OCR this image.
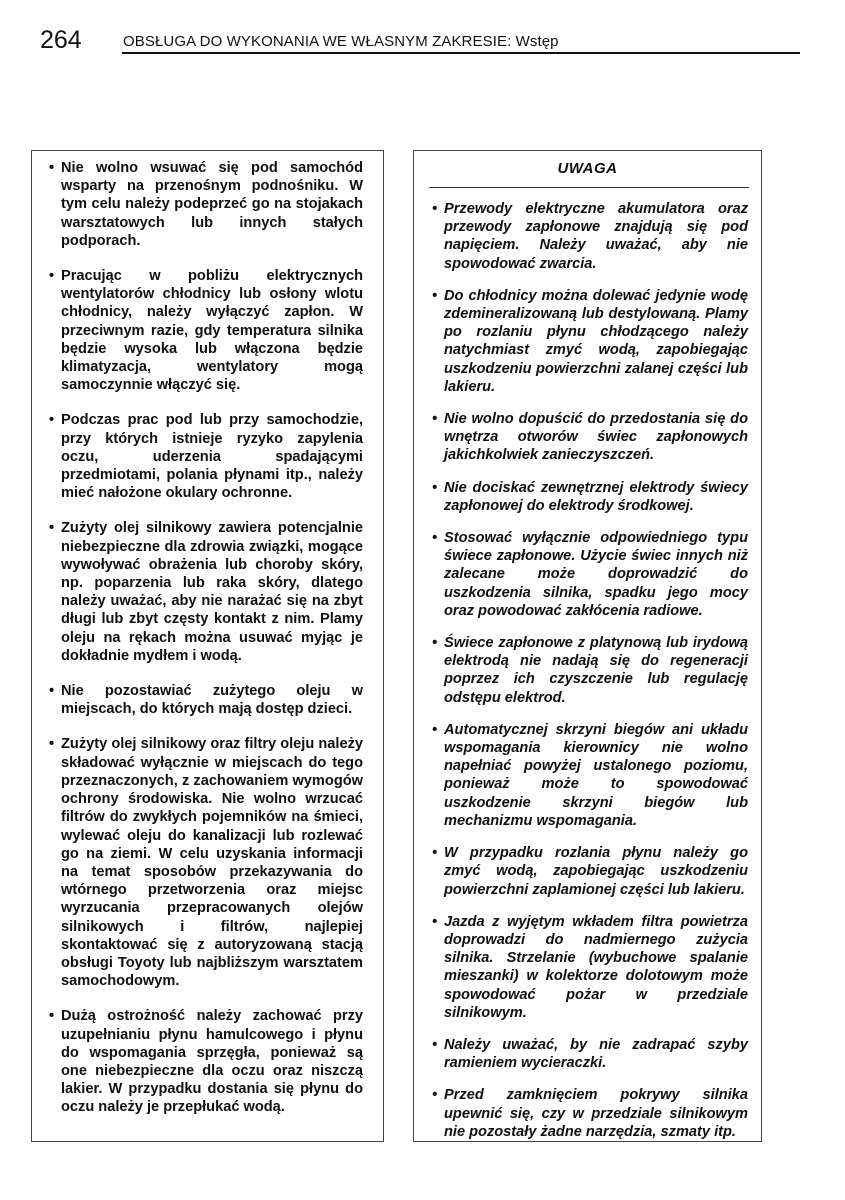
264	OBSŁUGA DO WYKONANIA WE WŁASNYM ZAKRESIE: Wstęp
• Nie wolno wsuwać się pod samochód wsparty na przenośnym podnośniku. W tym celu należy podeprzeć go na stojakach warsztatowych lub innych stałych podporach.
• Pracując w pobliżu elektrycznych wentylatorów chłodnicy lub osłony wlotu chłodnicy, należy wyłączyć zapłon. W przeciwnym razie, gdy temperatura silnika będzie wysoka lub włączona będzie klimatyzacja, wentylatory mogą samoczynnie włączyć się.
• Podczas prac pod lub przy samochodzie, przy których istnieje ryzyko zapylenia oczu, uderzenia spadającymi przedmiotami, polania płynami itp., należy mieć nałożone okulary ochronne.
• Zużyty olej silnikowy zawiera potencjalnie niebezpieczne dla zdrowia związki, mogące wywoływać obrażenia lub choroby skóry, np. poparzenia lub raka skóry, dlatego należy uważać, aby nie narażać się na zbyt długi lub zbyt częsty kontakt z nim. Plamy oleju na rękach można usuwać myjąc je dokładnie mydłem i wodą.
• Nie pozostawiać zużytego oleju w miejscach, do których mają dostęp dzieci.
• Zużyty olej silnikowy oraz filtry oleju należy składować wyłącznie w miejscach do tego przeznaczonych, z zachowaniem wymogów ochrony środowiska. Nie wolno wrzucać filtrów do zwykłych pojemników na śmieci, wylewać oleju do kanalizacji lub rozlewać go na ziemi. W celu uzyskania informacji na temat sposobów przekazywania do wtórnego przetworzenia oraz miejsc wyrzucania przepracowanych olejów silnikowych i filtrów, najlepiej skontaktować się z autoryzowaną stacją obsługi Toyoty lub najbliższym warsztatem samochodowym.
• Dużą ostrożność należy zachować przy uzupełnianiu płynu hamulcowego i płynu do wspomagania sprzęgła, ponieważ są one niebezpieczne dla oczu oraz niszczą lakier. W przypadku dostania się płynu do oczu należy je przepłukać wodą.
UWAGA
• Przewody elektryczne akumulatora oraz przewody zapłonowe znajdują się pod napięciem. Należy uważać, aby nie spowodować zwarcia.
• Do chłodnicy można dolewać jedynie wodę zdemineralizowaną lub destylowaną. Plamy po rozlaniu płynu chłodzącego należy natychmiast zmyć wodą, zapobiegając uszkodzeniu powierzchni zalanej części lub lakieru.
• Nie wolno dopuścić do przedostania się do wnętrza otworów świec zapłonowych jakichkolwiek zanieczyszczeń.
• Nie dociskać zewnętrznej elektrody świecy zapłonowej do elektrody środkowej.
• Stosować wyłącznie odpowiedniego typu świece zapłonowe. Użycie świec innych niż zalecane może doprowadzić do uszkodzenia silnika, spadku jego mocy oraz powodować zakłócenia radiowe.
• Świece zapłonowe z platynową lub irydową elektrodą nie nadają się do regeneracji poprzez ich czyszczenie lub regulację odstępu elektrod.
• Automatycznej skrzyni biegów ani układu wspomagania kierownicy nie wolno napełniać powyżej ustalonego poziomu, ponieważ może to spowodować uszkodzenie skrzyni biegów lub mechanizmu wspomagania.
• W przypadku rozlania płynu należy go zmyć wodą, zapobiegając uszkodzeniu powierzchni zaplamionej części lub lakieru.
• Jazda z wyjętym wkładem filtra powietrza doprowadzi do nadmiernego zużycia silnika. Strzelanie (wybuchowe spalanie mieszanki) w kolektorze dolotowym może spowodować pożar w przedziale silnikowym.
• Należy uważać, by nie zadrapać szyby ramieniem wycieraczki.
• Przed zamknięciem pokrywy silnika upewnić się, czy w przedziale silnikowym nie pozostały żadne narzędzia, szmaty itp.
